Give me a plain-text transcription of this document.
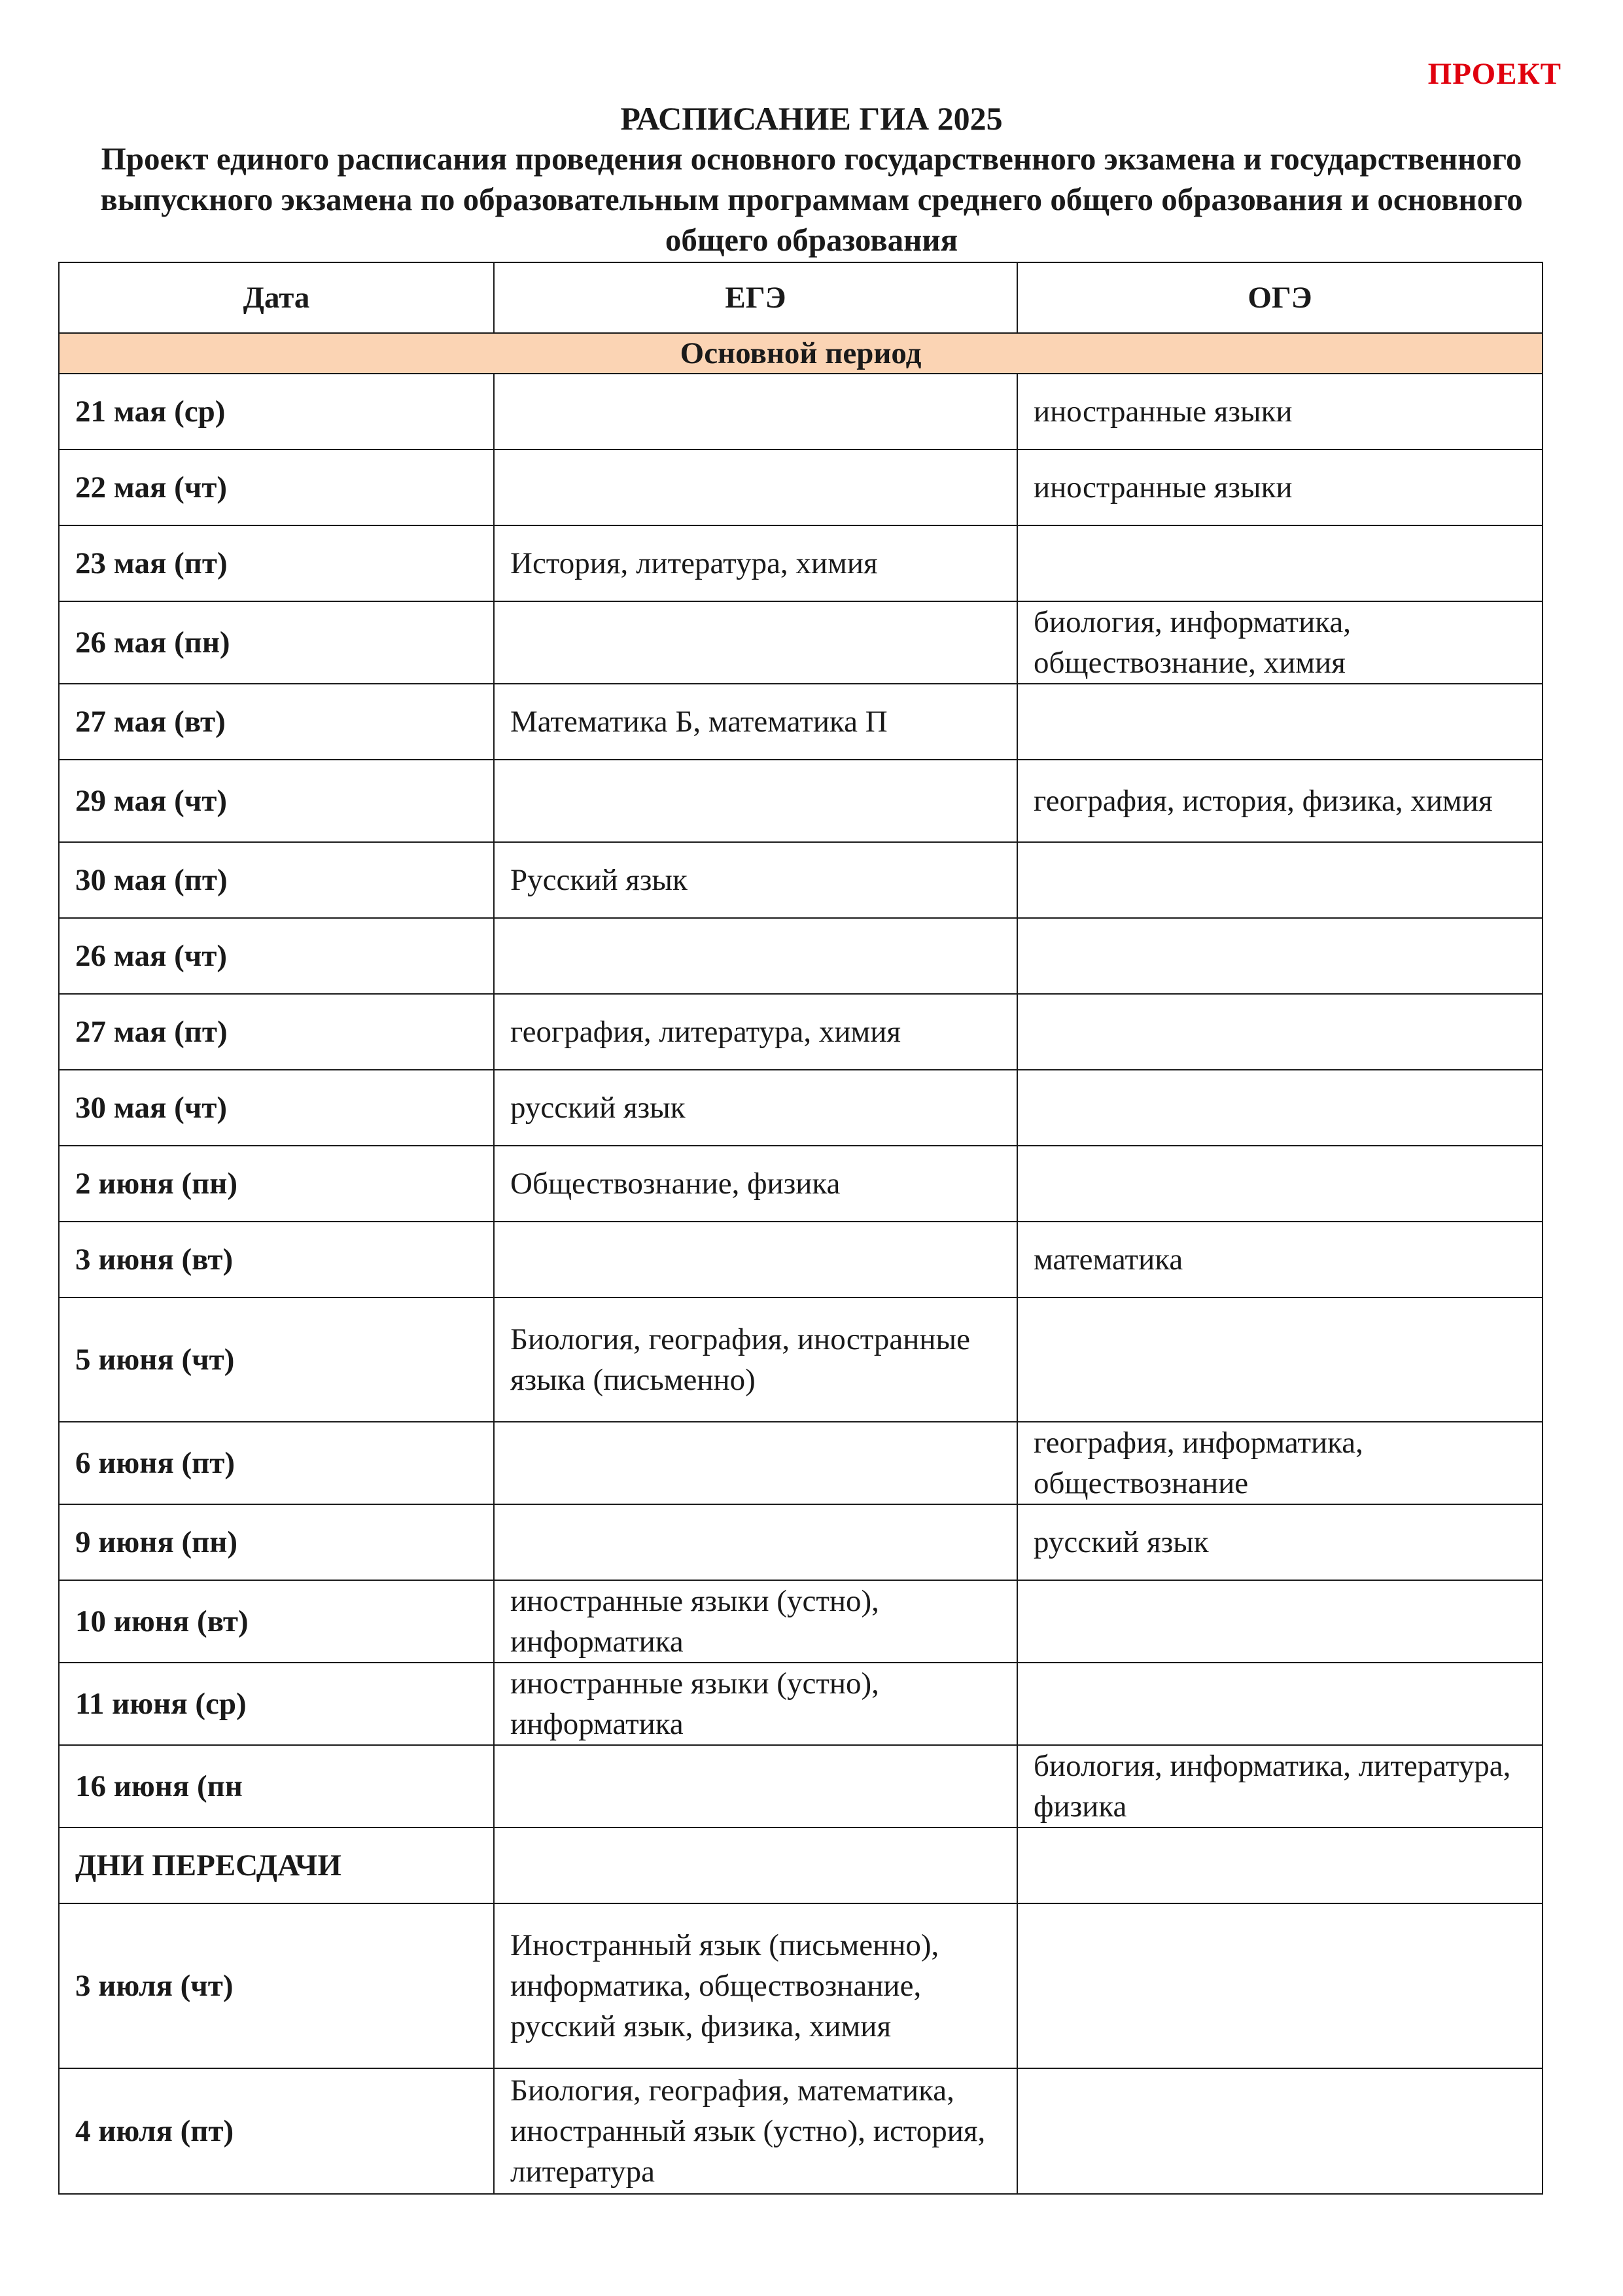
ПРОЕКТ
РАСПИСАНИЕ ГИА 2025
Проект единого расписания проведения основного государственного экзамена и государственного выпускного экзамена по образовательным программам среднего общего образования и основного общего образования
Дата	ЕГЭ	ОГЭ
Основной период		
21 мая (ср)		иностранные языки
22 мая (чт)		иностранные языки
23 мая (пт)	История, литература, химия	
26 мая (пн)		биология, информатика, обществознание, химия
27 мая (вт)	Математика Б, математика П	
29 мая (чт)		география, история, физика, химия
30 мая (пт)	Русский язык	
26 мая (чт)		
27 мая (пт)	география, литература, химия	
30 мая (чт)	русский язык	
2 июня (пн)	Обществознание, физика	
3 июня (вт)		математика
5 июня (чт)	Биология, география, иностранные языка (письменно)	
6 июня (пт)		география, информатика, обществознание
9 июня (пн)		русский язык
10 июня (вт)	иностранные языки (устно), информатика	
11 июня (ср)	иностранные языки (устно), информатика	
16 июня (пн		биология, информатика, литература, физика
ДНИ ПЕРЕСДАЧИ		
3 июля (чт)	Иностранный язык (письменно), информатика, обществознание, русский язык, физика, химия	
4 июля (пт)	Биология, география, математика, иностранный язык (устно), история, литература	
